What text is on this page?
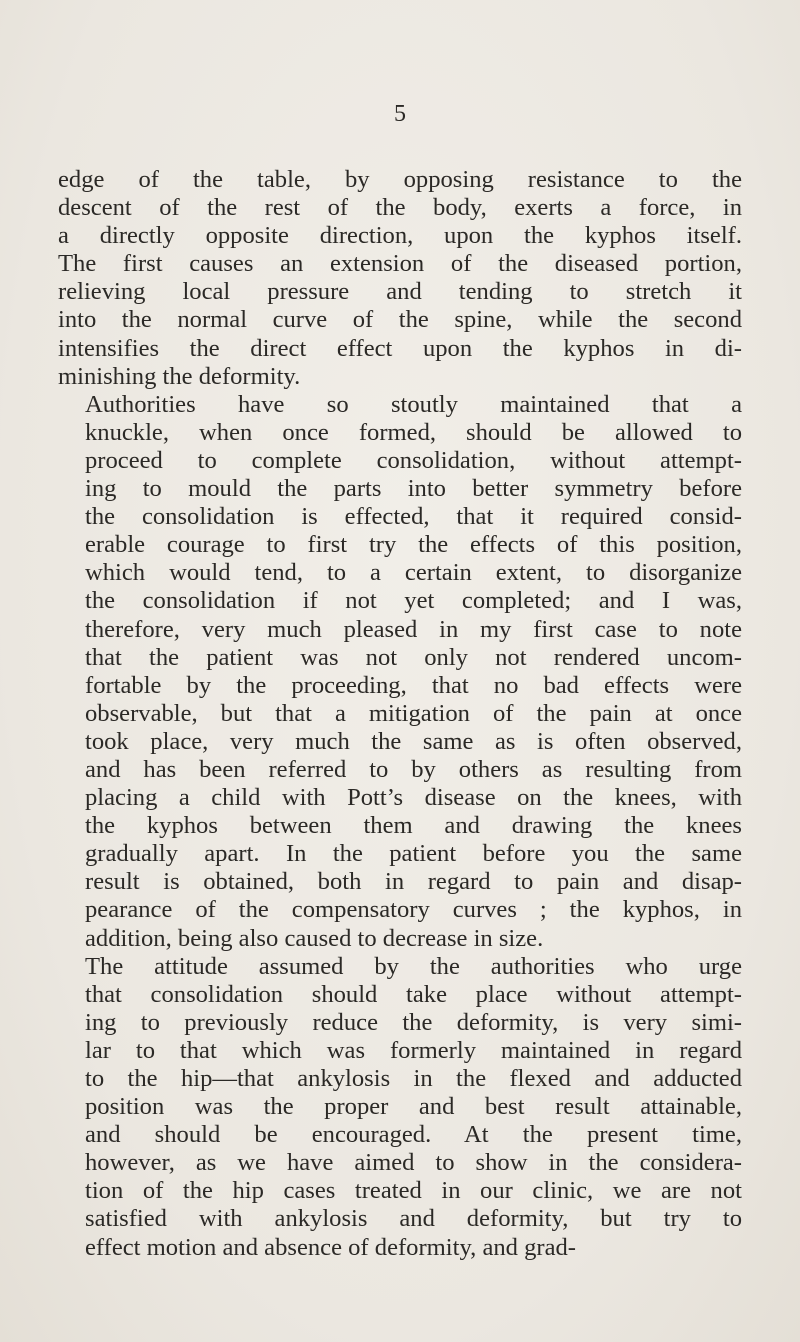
5

edge of the table, by opposing resistance to the
descent of the rest of the body, exerts a force, in
a directly opposite direction, upon the kyphos itself.
The first causes an extension of the diseased portion,
relieving local pressure and tending to stretch it
into the normal curve of the spine, while the second
intensifies the direct effect upon the kyphos in di-
minishing the deformity.

Authorities have so stoutly maintained that a
knuckle, when once formed, should be allowed to
proceed to complete consolidation, without attempt-
ing to mould the parts into better symmetry before
the consolidation is effected, that it required consid-
erable courage to first try the effects of this position,
which would tend, to a certain extent, to disorganize
the consolidation if not yet completed; and I was,
therefore, very much pleased in my first case to note
that the patient was not only not rendered uncom-
fortable by the proceeding, that no bad effects were
observable, but that a mitigation of the pain at once
took place, very much the same as is often observed,
and has been referred to by others as resulting from
placing a child with Pott’s disease on the knees, with
the kyphos between them and drawing the knees
gradually apart. In the patient before you the same
result is obtained, both in regard to pain and disap-
pearance of the compensatory curves ; the kyphos, in
addition, being also caused to decrease in size.

The attitude assumed by the authorities who urge
that consolidation should take place without attempt-
ing to previously reduce the deformity, is very simi-
lar to that which was formerly maintained in regard
to the hip—that ankylosis in the flexed and adducted
position was the proper and best result attainable,
and should be encouraged. At the present time,
however, as we have aimed to show in the considera-
tion of the hip cases treated in our clinic, we are not
satisfied with ankylosis and deformity, but try to
effect motion and absence of deformity, and grad-
